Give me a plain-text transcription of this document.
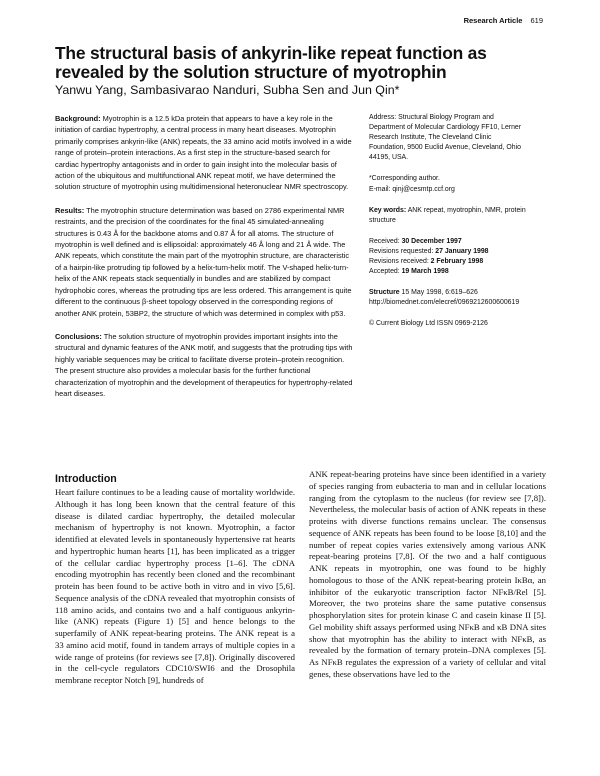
Research Article 619
The structural basis of ankyrin-like repeat function as revealed by the solution structure of myotrophin
Yanwu Yang, Sambasivarao Nanduri, Subha Sen and Jun Qin*

Background: Myotrophin is a 12.5 kDa protein that appears to have a key role in the initiation of cardiac hypertrophy, a central process in many heart diseases. Myotrophin primarily comprises ankyrin-like (ANK) repeats, the 33 amino acid motifs involved in a wide range of protein–protein interactions. As a first step in the structure-based search for cardiac hypertrophy antagonists and in order to gain insight into the molecular basis of action of the ubiquitous and multifunctional ANK repeat motif, we have determined the solution structure of myotrophin using multidimensional heteronuclear NMR spectroscopy.

Results: The myotrophin structure determination was based on 2786 experimental NMR restraints, and the precision of the coordinates for the final 45 simulated-annealing structures is 0.43 Å for the backbone atoms and 0.87 Å for all atoms. The structure of myotrophin is well defined and is ellipsoidal: approximately 46 Å long and 21 Å wide. The ANK repeats, which constitute the main part of the myotrophin structure, are characteristic of a hairpin-like protruding tip followed by a helix-turn-helix motif. The V-shaped helix-turn-helix of the ANK repeats stack sequentially in bundles and are stabilized by compact hydrophobic cores, whereas the protruding tips are less ordered. This arrangement is quite different to the continuous β-sheet topology observed in the corresponding regions of another ANK protein, 53BP2, the structure of which was determined in complex with p53.

Conclusions: The solution structure of myotrophin provides important insights into the structural and dynamic features of the ANK motif, and suggests that the protruding tips with highly variable sequences may be critical to facilitate diverse protein–protein recognition. The present structure also provides a molecular basis for the further functional characterization of myotrophin and the development of therapeutics for hypertrophy-related heart diseases.

Address: Structural Biology Program and
Department of Molecular Cardiology FF10, Lerner
Research Institute, The Cleveland Clinic
Foundation, 9500 Euclid Avenue, Cleveland, Ohio
44195, USA.
*Corresponding author.
E-mail: qinj@cesmtp.ccf.org
Key words: ANK repeat, myotrophin, NMR, protein
structure
Received: 30 December 1997
Revisions requested: 27 January 1998
Revisions received: 2 February 1998
Accepted: 19 March 1998
Structure 15 May 1998, 6:619–626
http://biomednet.com/elecref/0969212600600619
© Current Biology Ltd ISSN 0969-2126
Introduction
Heart failure continues to be a leading cause of mortality worldwide. Although it has long been known that the central feature of this disease is dilated cardiac hypertrophy, the detailed molecular mechanism of hypertrophy is not known. Myotrophin, a factor identified at elevated levels in spontaneously hypertensive rat hearts and hypertrophic human hearts [1], has been implicated as a trigger of the cellular cardiac hypertrophy process [1–6]. The cDNA encoding myotrophin has recently been cloned and the recombinant protein has been found to be active both in vitro and in vivo [5,6]. Sequence analysis of the cDNA revealed that myotrophin consists of 118 amino acids, and contains two and a half contiguous ankyrin-like (ANK) repeats (Figure 1) [5] and hence belongs to the superfamily of ANK repeat-bearing proteins. The ANK repeat is a 33 amino acid motif, found in tandem arrays of multiple copies in a wide range of proteins (for reviews see [7,8]). Originally discovered in the cell-cycle regulators CDC10/SWI6 and the Drosophila membrane receptor Notch [9], hundreds of
ANK repeat-bearing proteins have since been identified in a variety of species ranging from eubacteria to man and in cellular locations ranging from the cytoplasm to the nucleus (for review see [7,8]). Nevertheless, the molecular basis of action of ANK repeats in these proteins with diverse functions remains unclear. The consensus sequence of ANK repeats has been found to be loose [8,10] and the number of repeat copies varies extensively among various ANK repeat-bearing proteins [7,8]. Of the two and a half contiguous ANK repeats in myotrophin, one was found to be highly homologous to those of the ANK repeat-bearing protein IκBα, an inhibitor of the eukaryotic transcription factor NFκB/Rel [5]. Moreover, the two proteins share the same putative consensus phosphorylation sites for protein kinase C and casein kinase II [5]. Gel mobility shift assays performed using NFκB and κB DNA sites show that myotrophin has the ability to interact with NFκB, as revealed by the formation of ternary protein–DNA complexes [5]. As NFκB regulates the expression of a variety of cellular and vital genes, these observations have led to the
